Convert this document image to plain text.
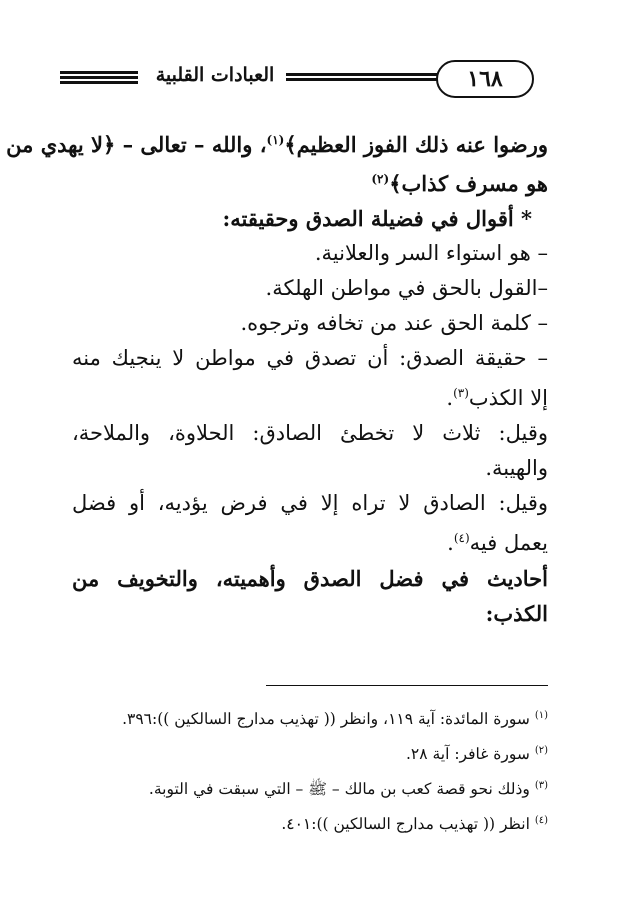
العبادات القلبية	١٦٨
ورضوا عنه ذلك الفوز العظيم﴾$^{(١)}$، والله – تعالى – ﴿لا يهدي من
هو مسرف كذاب﴾$^{(٢)}$
* أقوال في فضيلة الصدق وحقيقته:
– هو استواء السر والعلانية.
–القول بالحق في مواطن الهلكة.
– كلمة الحق عند من تخافه وترجوه.
– حقيقة الصدق: أن تصدق في مواطن لا ينجيك منه
إلا الكذب$^{(٣)}$.
وقيل: ثلاث لا تخطئ الصادق: الحلاوة، والملاحة،
والهيبة.
وقيل: الصادق لا تراه إلا في فرض يؤديه، أو فضل
يعمل فيه$^{(٤)}$.
أحاديث في فضل الصدق وأهميته، والتخويف من
الكذب:
$^{(١)}$ سورة المائدة: آية ١١٩، وانظر (( تهذيب مدارج السالكين )):٣٩٦.
$^{(٢)}$ سورة غافر: آية ٢٨.
$^{(٣)}$ وذلك نحو قصة كعب بن مالك – ﷺ – التي سبقت في التوبة.
$^{(٤)}$ انظر (( تهذيب مدارج السالكين )):٤٠١.
